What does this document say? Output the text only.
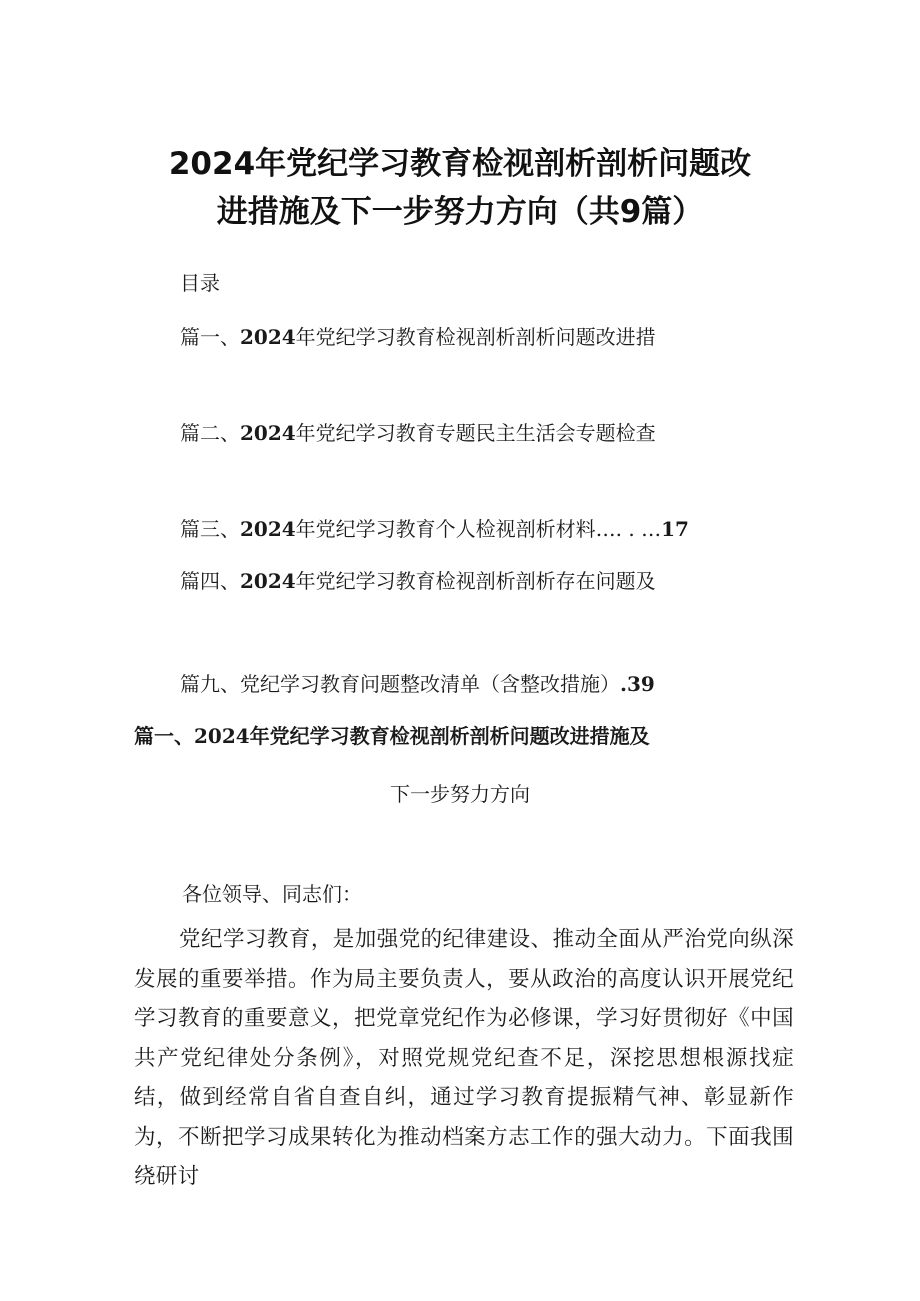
2024年党纪学习教育检视剖析剖析问题改
进措施及下一步努力方向（共9篇）
目录
篇一、2024年党纪学习教育检视剖析剖析问题改进措
篇二、2024年党纪学习教育专题民主生活会专题检查
篇三、2024年党纪学习教育个人检视剖析材料…. . …17
篇四、2024年党纪学习教育检视剖析剖析存在问题及
篇九、党纪学习教育问题整改清单（含整改措施）.39
篇一、2024年党纪学习教育检视剖析剖析问题改进措施及
下一步努力方向
各位领导、同志们：
党纪学习教育，是加强党的纪律建设、推动全面从严治党向纵深发展的重要举措。作为局主要负责人，要从政治的高度认识开展党纪学习教育的重要意义，把党章党纪作为必修课，学习好贯彻好《中国共产党纪律处分条例》，对照党规党纪查不足，深挖思想根源找症结，做到经常自省自查自纠，通过学习教育提振精气神、彰显新作为，不断把学习成果转化为推动档案方志工作的强大动力。下面我围绕研讨
